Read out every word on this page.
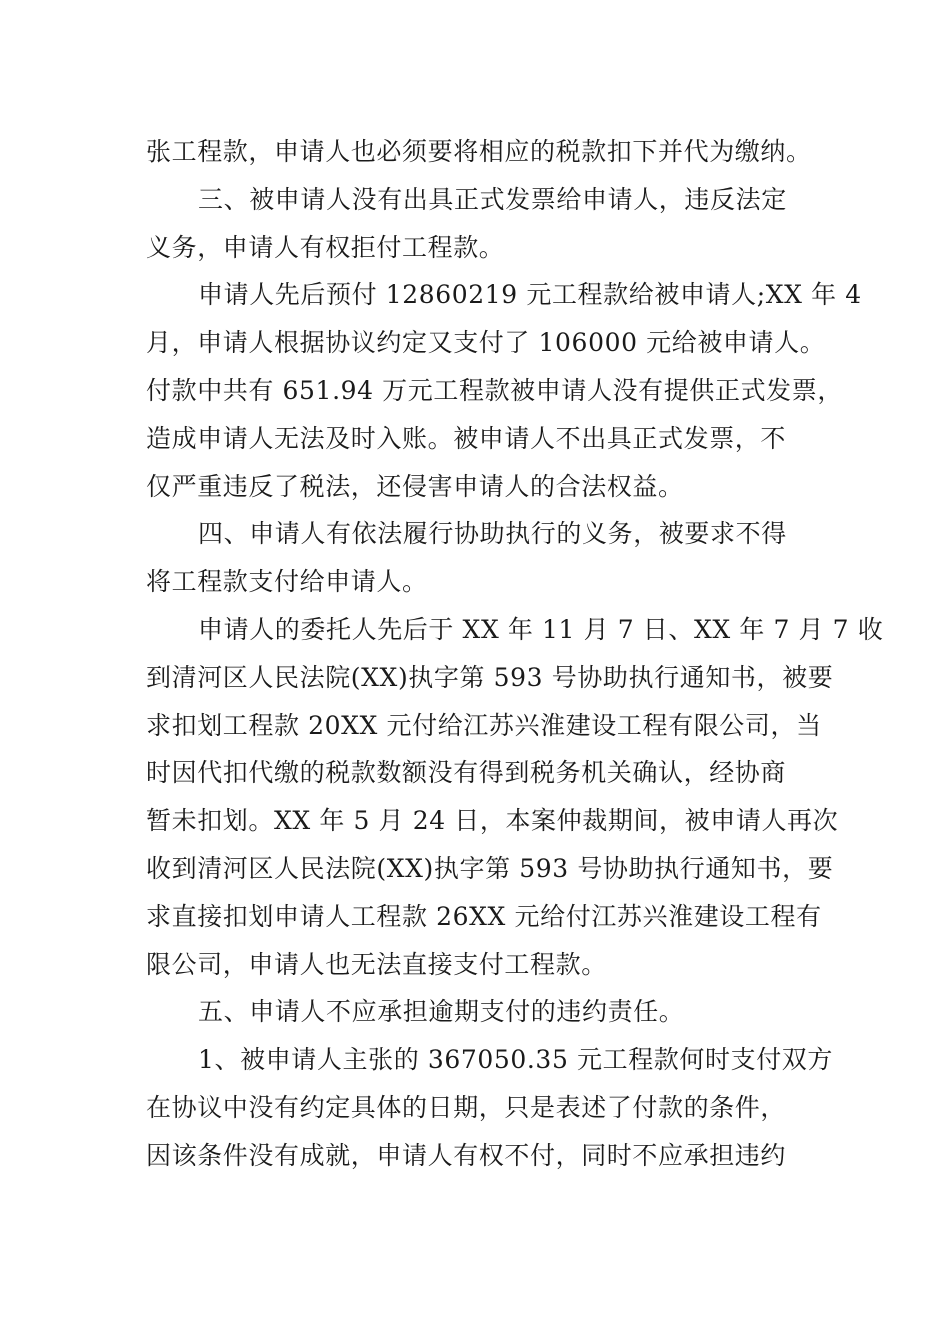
张工程款，申请人也必须要将相应的税款扣下并代为缴纳。
三、被申请人没有出具正式发票给申请人，违反法定
义务，申请人有权拒付工程款。
申请人先后预付 12860219 元工程款给被申请人;XX 年 4
月，申请人根据协议约定又支付了 106000 元给被申请人。
付款中共有 651.94 万元工程款被申请人没有提供正式发票，
造成申请人无法及时入账。被申请人不出具正式发票，不
仅严重违反了税法，还侵害申请人的合法权益。
四、申请人有依法履行协助执行的义务，被要求不得
将工程款支付给申请人。
申请人的委托人先后于 XX 年 11 月 7 日、XX 年 7 月 7 收
到清河区人民法院(XX)执字第 593 号协助执行通知书，被要
求扣划工程款 20XX 元付给江苏兴淮建设工程有限公司，当
时因代扣代缴的税款数额没有得到税务机关确认，经协商
暂未扣划。XX 年 5 月 24 日，本案仲裁期间，被申请人再次
收到清河区人民法院(XX)执字第 593 号协助执行通知书，要
求直接扣划申请人工程款 26XX 元给付江苏兴淮建设工程有
限公司，申请人也无法直接支付工程款。
五、申请人不应承担逾期支付的违约责任。
1、被申请人主张的 367050.35 元工程款何时支付双方
在协议中没有约定具体的日期，只是表述了付款的条件，
因该条件没有成就，申请人有权不付，同时不应承担违约
